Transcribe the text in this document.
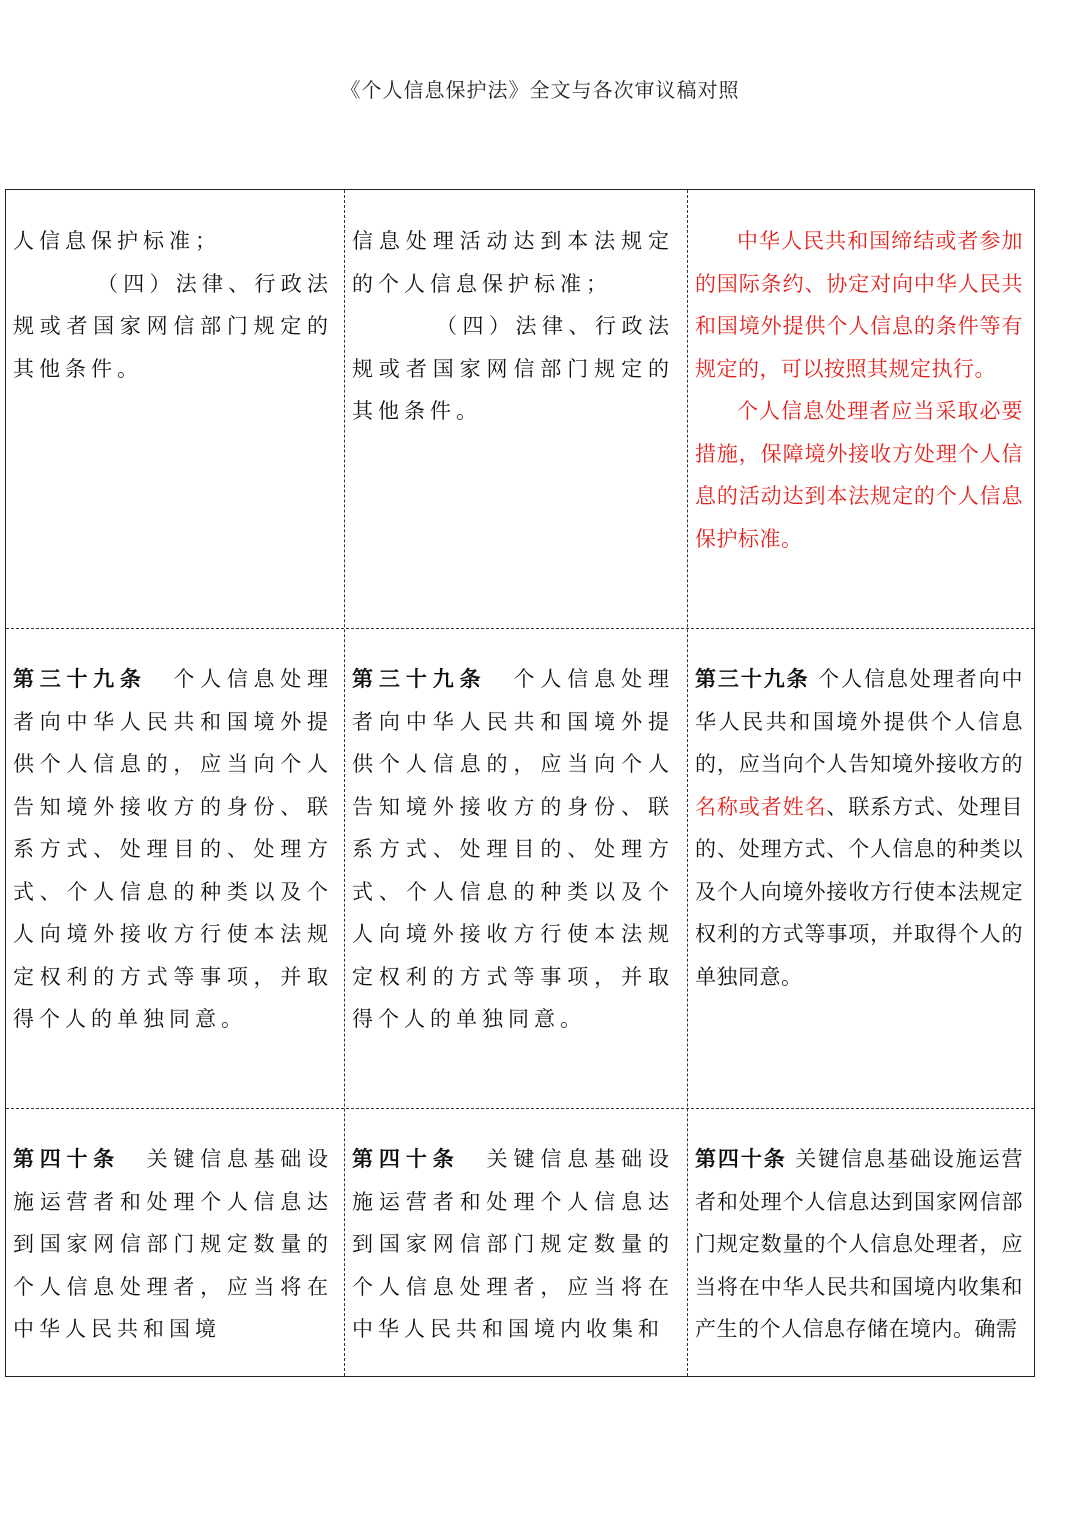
《个人信息保护法》全文与各次审议稿对照

人信息保护标准；

（四）法律、行政法规或者国家网信部门规定的其他条件。

信息处理活动达到本法规定的个人信息保护标准；

（四）法律、行政法规或者国家网信部门规定的其他条件。

中华人民共和国缔结或者参加的国际条约、协定对向中华人民共和国境外提供个人信息的条件等有规定的，可以按照其规定执行。

个人信息处理者应当采取必要措施，保障境外接收方处理个人信息的活动达到本法规定的个人信息保护标准。

第三十九条　 个人信息处理者向中华人民共和国境外提供个人信息的，应当向个人告知境外接收方的身份、联系方式、处理目的、处理方式、个人信息的种类以及个人向境外接收方行使本法规定权利的方式等事项，并取得个人的单独同意。

第三十九条　 个人信息处理者向中华人民共和国境外提供个人信息的，应当向个人告知境外接收方的身份、联系方式、处理目的、处理方式、个人信息的种类以及个人向境外接收方行使本法规定权利的方式等事项，并取得个人的单独同意。

第三十九条 个人信息处理者向中华人民共和国境外提供个人信息的，应当向个人告知境外接收方的名称或者姓名、联系方式、处理目的、处理方式、个人信息的种类以及个人向境外接收方行使本法规定权利的方式等事项，并取得个人的单独同意。

第四十条　 关键信息基础设施运营者和处理个人信息达到国家网信部门规定数量的个人信息处理者，应当将在中华人民共和国境

第四十条　 关键信息基础设施运营者和处理个人信息达到国家网信部门规定数量的个人信息处理者，应当将在中华人民共和国境内收集和

第四十条 关键信息基础设施运营者和处理个人信息达到国家网信部门规定数量的个人信息处理者，应当将在中华人民共和国境内收集和产生的个人信息存储在境内。确需
